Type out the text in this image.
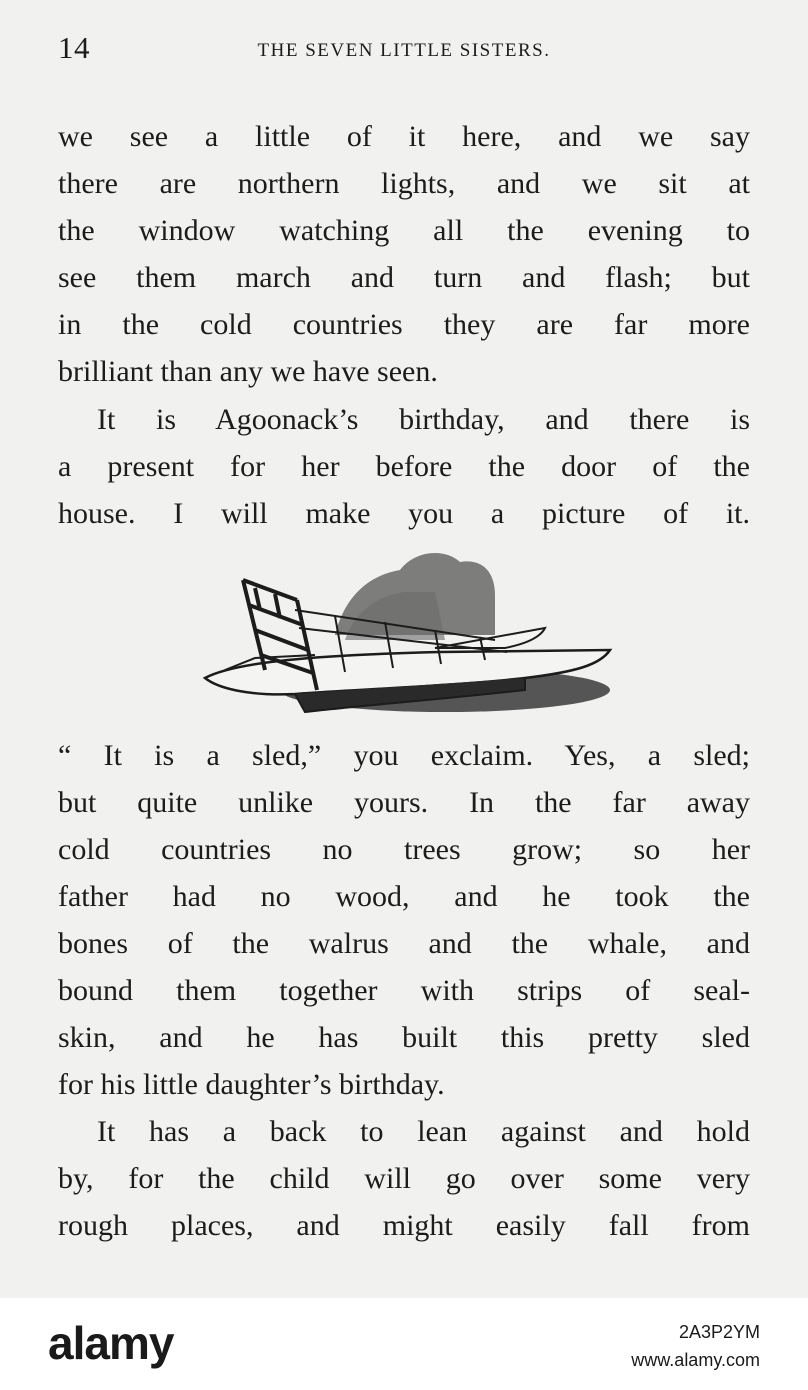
14	THE SEVEN LITTLE SISTERS.
we see a little of it here, and we say
there are northern lights, and we sit at
the window watching all the evening to
see them march and turn and flash; but
in the cold countries they are far more
brilliant than any we have seen.
It is Agoonack’s birthday, and there is
a present for her before the door of the
house. I will make you a picture of it.
“ It is a sled,” you exclaim. Yes, a sled;
but quite unlike yours. In the far away
cold countries no trees grow; so her
father had no wood, and he took the
bones of the walrus and the whale, and
bound them together with strips of seal-
skin, and he has built this pretty sled
for his little daughter’s birthday.
It has a back to lean against and hold
by, for the child will go over some very
rough places, and might easily fall from
alamy	2A3P2YM
www.alamy.com
